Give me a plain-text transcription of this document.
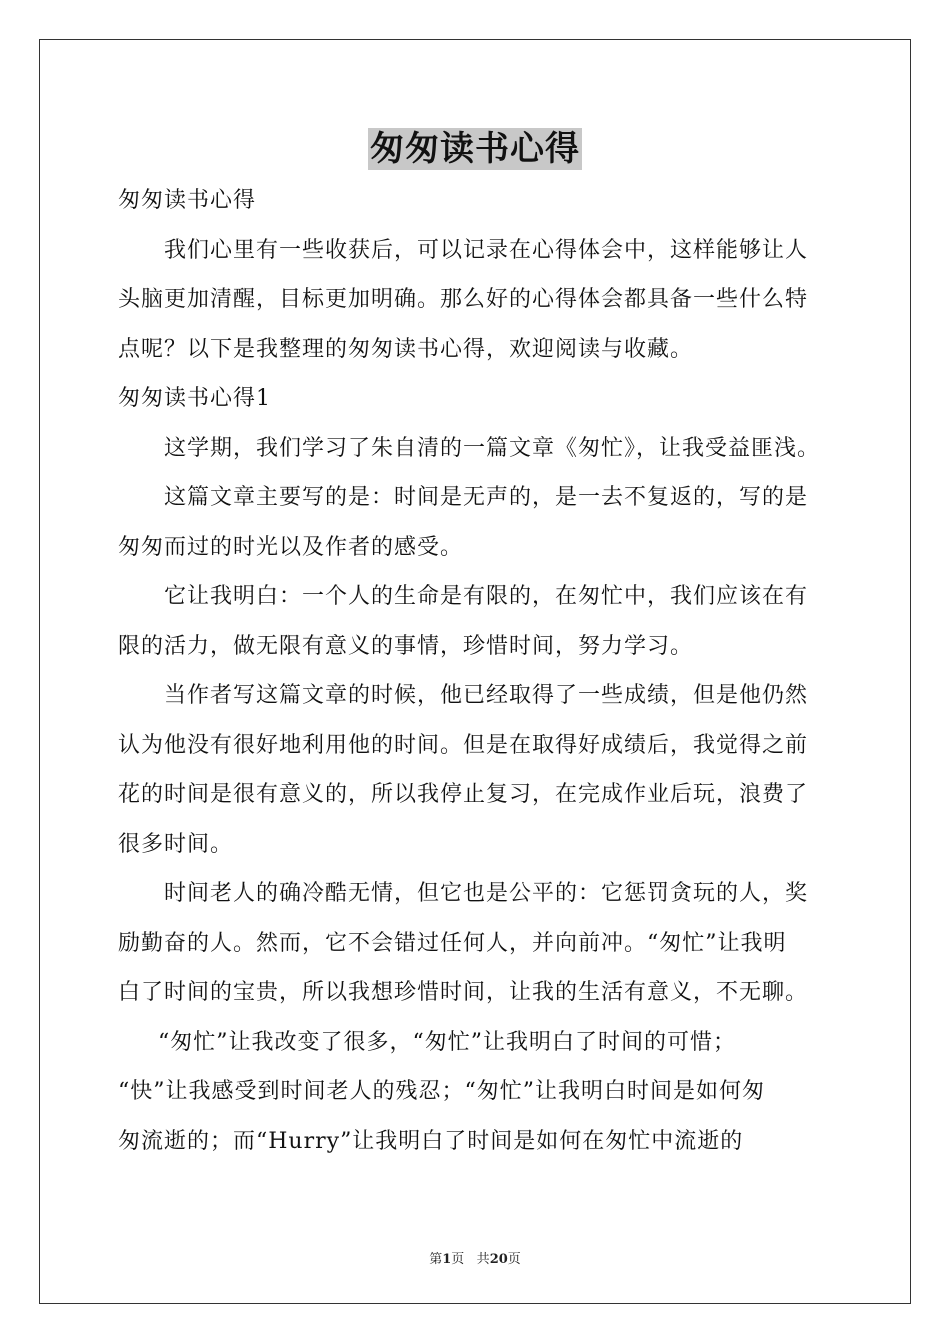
匆匆读书心得
匆匆读书心得
我们心里有一些收获后，可以记录在心得体会中，这样能够让人
头脑更加清醒，目标更加明确。那么好的心得体会都具备一些什么特
点呢？以下是我整理的匆匆读书心得，欢迎阅读与收藏。
匆匆读书心得1
这学期，我们学习了朱自清的一篇文章《匆忙》，让我受益匪浅。
这篇文章主要写的是：时间是无声的，是一去不复返的，写的是
匆匆而过的时光以及作者的感受。
它让我明白：一个人的生命是有限的，在匆忙中，我们应该在有
限的活力，做无限有意义的事情，珍惜时间，努力学习。
当作者写这篇文章的时候，他已经取得了一些成绩，但是他仍然
认为他没有很好地利用他的时间。但是在取得好成绩后，我觉得之前
花的时间是很有意义的，所以我停止复习，在完成作业后玩，浪费了
很多时间。
时间老人的确冷酷无情，但它也是公平的：它惩罚贪玩的人，奖
励勤奋的人。然而，它不会错过任何人，并向前冲。“匆忙”让我明
白了时间的宝贵，所以我想珍惜时间，让我的生活有意义，不无聊。
“匆忙”让我改变了很多，“匆忙”让我明白了时间的可惜；
“快”让我感受到时间老人的残忍；“匆忙”让我明白时间是如何匆
匆流逝的；而“Hurry”让我明白了时间是如何在匆忙中流逝的
第1页 共20页
